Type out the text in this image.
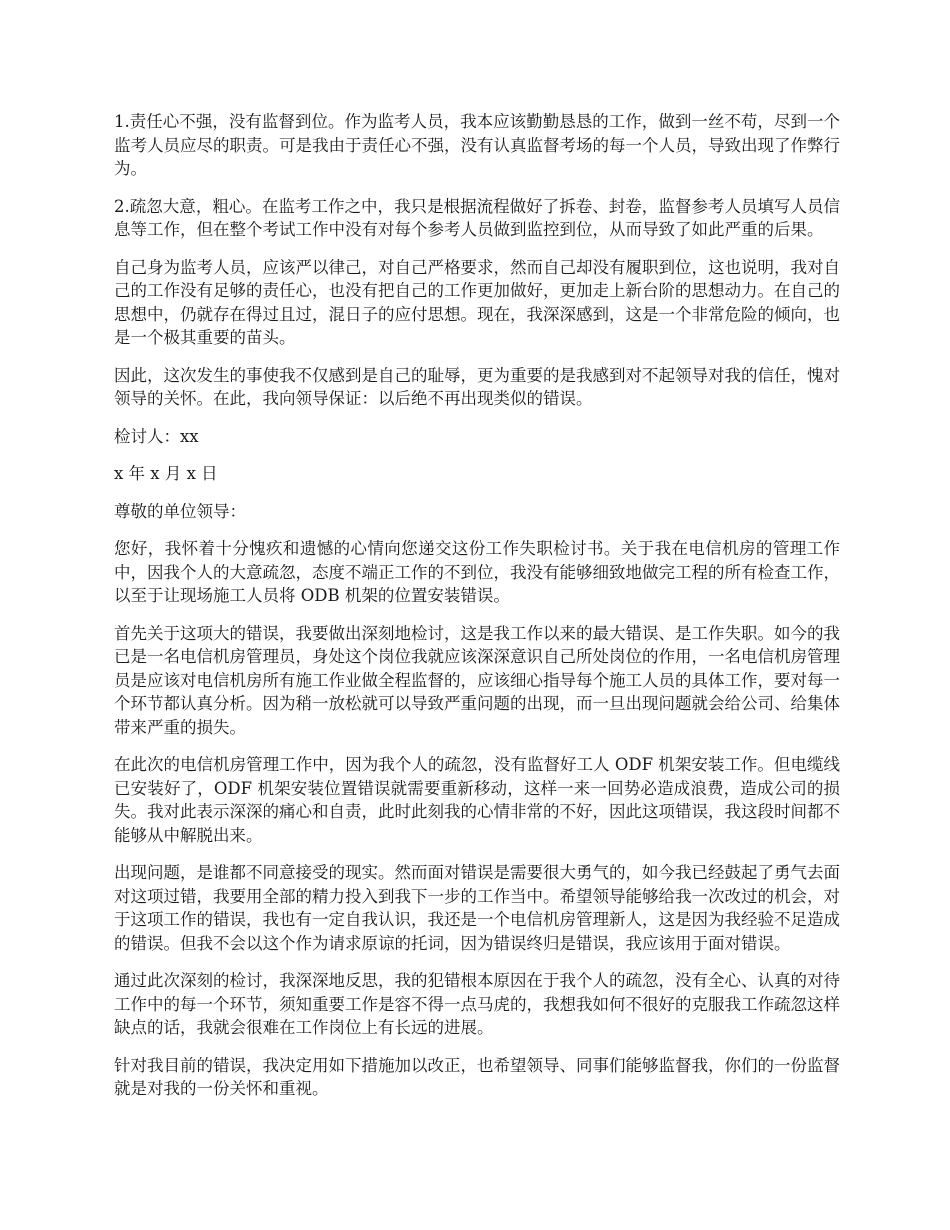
1.责任心不强，没有监督到位。作为监考人员，我本应该勤勤恳恳的工作，做到一丝不苟，尽到一个监考人员应尽的职责。可是我由于责任心不强，没有认真监督考场的每一个人员，导致出现了作弊行为。

2.疏忽大意，粗心。在监考工作之中，我只是根据流程做好了拆卷、封卷，监督参考人员填写人员信息等工作，但在整个考试工作中没有对每个参考人员做到监控到位，从而导致了如此严重的后果。

自己身为监考人员，应该严以律己，对自己严格要求，然而自己却没有履职到位，这也说明，我对自己的工作没有足够的责任心，也没有把自己的工作更加做好，更加走上新台阶的思想动力。在自己的思想中，仍就存在得过且过，混日子的应付思想。现在，我深深感到，这是一个非常危险的倾向，也是一个极其重要的苗头。

因此，这次发生的事使我不仅感到是自己的耻辱，更为重要的是我感到对不起领导对我的信任，愧对领导的关怀。在此，我向领导保证：以后绝不再出现类似的错误。

检讨人：xx

x 年 x 月 x 日

尊敬的单位领导：

您好，我怀着十分愧疚和遗憾的心情向您递交这份工作失职检讨书。关于我在电信机房的管理工作中，因我个人的大意疏忽，态度不端正工作的不到位，我没有能够细致地做完工程的所有检查工作，以至于让现场施工人员将 ODB 机架的位置安装错误。

首先关于这项大的错误，我要做出深刻地检讨，这是我工作以来的最大错误、是工作失职。如今的我已是一名电信机房管理员，身处这个岗位我就应该深深意识自己所处岗位的作用，一名电信机房管理员是应该对电信机房所有施工作业做全程监督的，应该细心指导每个施工人员的具体工作，要对每一个环节都认真分析。因为稍一放松就可以导致严重问题的出现，而一旦出现问题就会给公司、给集体带来严重的损失。

在此次的电信机房管理工作中，因为我个人的疏忽，没有监督好工人 ODF 机架安装工作。但电缆线已安装好了，ODF 机架安装位置错误就需要重新移动，这样一来一回势必造成浪费，造成公司的损失。我对此表示深深的痛心和自责，此时此刻我的心情非常的不好，因此这项错误，我这段时间都不能够从中解脱出来。

出现问题，是谁都不同意接受的现实。然而面对错误是需要很大勇气的，如今我已经鼓起了勇气去面对这项过错，我要用全部的精力投入到我下一步的工作当中。希望领导能够给我一次改过的机会，对于这项工作的错误，我也有一定自我认识，我还是一个电信机房管理新人，这是因为我经验不足造成的错误。但我不会以这个作为请求原谅的托词，因为错误终归是错误，我应该用于面对错误。

通过此次深刻的检讨，我深深地反思，我的犯错根本原因在于我个人的疏忽，没有全心、认真的对待工作中的每一个环节，须知重要工作是容不得一点马虎的，我想我如何不很好的克服我工作疏忽这样缺点的话，我就会很难在工作岗位上有长远的进展。

针对我目前的错误，我决定用如下措施加以改正，也希望领导、同事们能够监督我，你们的一份监督就是对我的一份关怀和重视。
